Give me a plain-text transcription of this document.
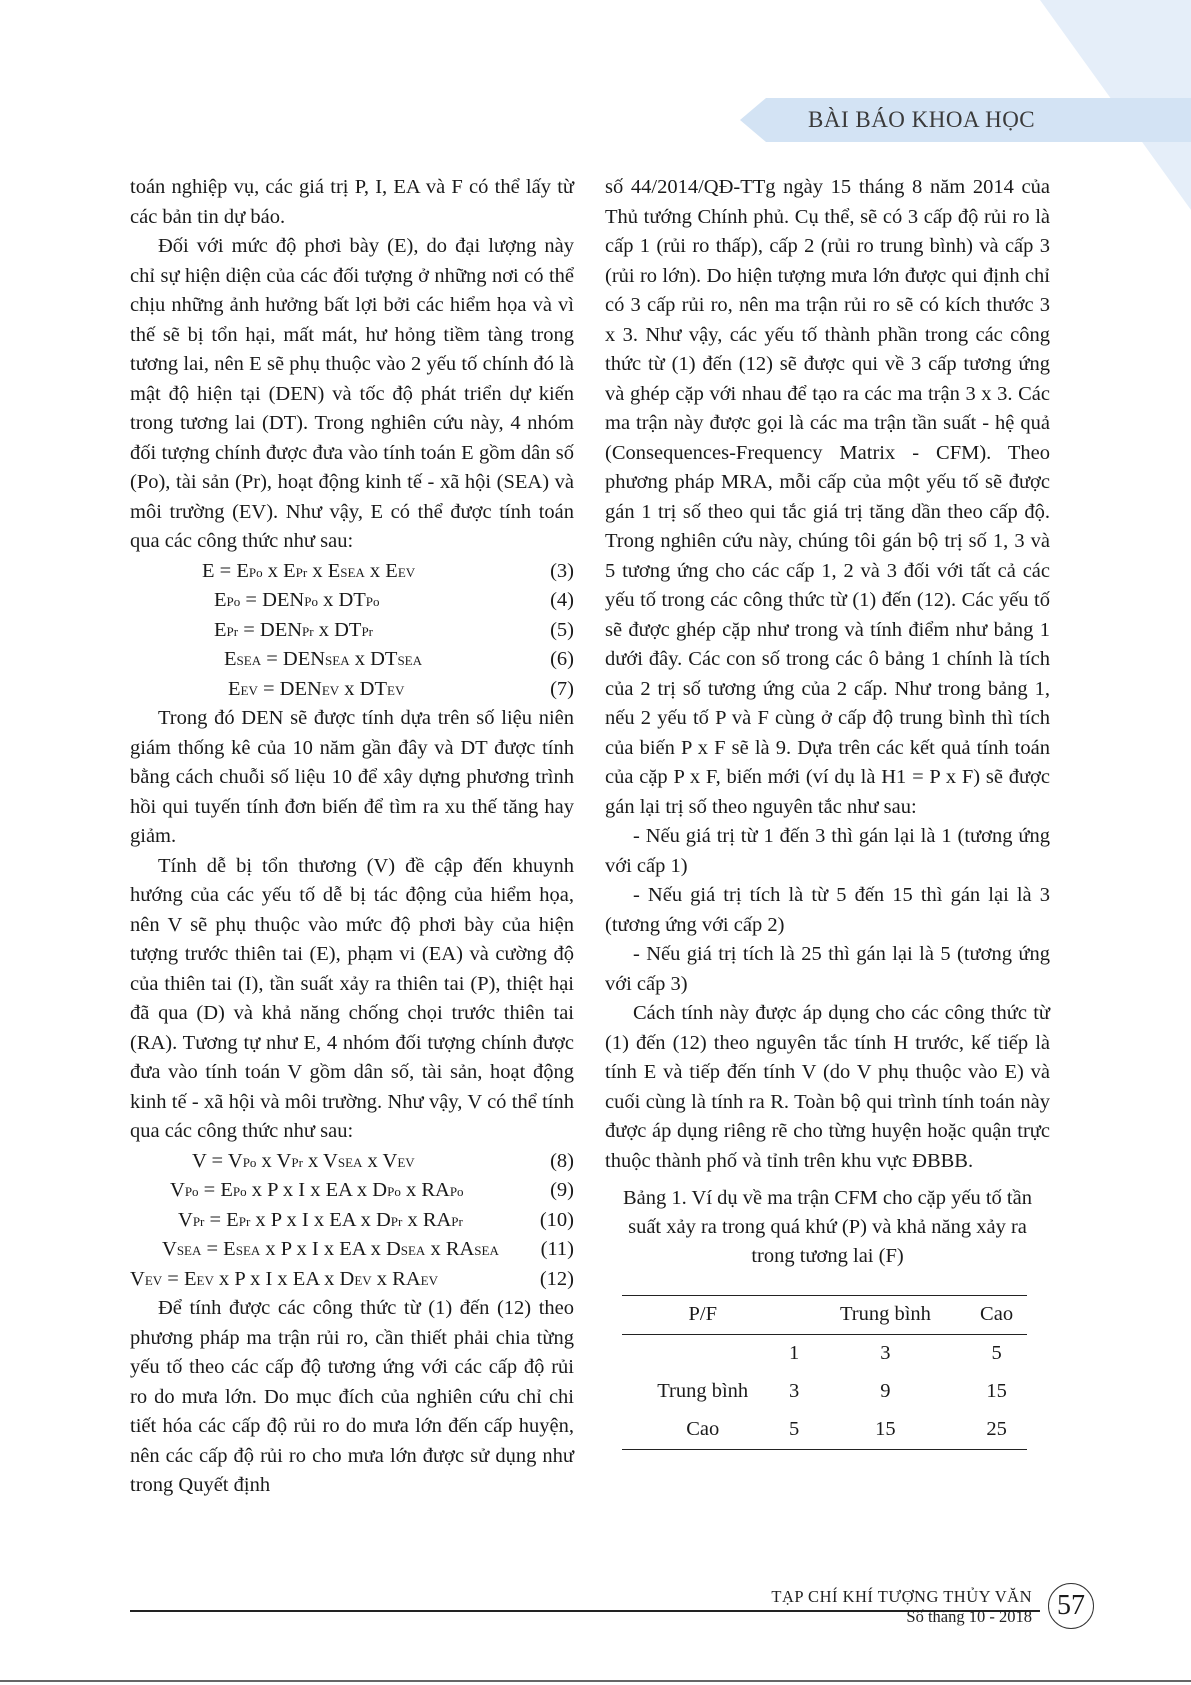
BÀI BÁO KHOA HỌC

toán nghiệp vụ, các giá trị P, I, EA và F có thể lấy từ các bản tin dự báo.

Đối với mức độ phơi bày (E), do đại lượng này chỉ sự hiện diện của các đối tượng ở những nơi có thể chịu những ảnh hưởng bất lợi bởi các hiểm họa và vì thế sẽ bị tổn hại, mất mát, hư hỏng tiềm tàng trong tương lai, nên E sẽ phụ thuộc vào 2 yếu tố chính đó là mật độ hiện tại (DEN) và tốc độ phát triển dự kiến trong tương lai (DT). Trong nghiên cứu này, 4 nhóm đối tượng chính được đưa vào tính toán E gồm dân số (Po), tài sản (Pr), hoạt động kinh tế - xã hội (SEA) và môi trường (EV). Như vậy, E có thể được tính toán qua các công thức như sau:

E = EPo x EPr x ESEA x EEV	(3)
EPo = DENPo x DTPo	(4)
EPr = DENPr x DTPr	(5)
ESEA = DENSEA x DTSEA	(6)
EEV = DENEV x DTEV	(7)

Trong đó DEN sẽ được tính dựa trên số liệu niên giám thống kê của 10 năm gần đây và DT được tính bằng cách chuỗi số liệu 10 để xây dựng phương trình hồi qui tuyến tính đơn biến để tìm ra xu thế tăng hay giảm.

Tính dễ bị tổn thương (V) đề cập đến khuynh hướng của các yếu tố dễ bị tác động của hiểm họa, nên V sẽ phụ thuộc vào mức độ phơi bày của hiện tượng trước thiên tai (E), phạm vi (EA) và cường độ của thiên tai (I), tần suất xảy ra thiên tai (P), thiệt hại đã qua (D) và khả năng chống chọi trước thiên tai (RA). Tương tự như E, 4 nhóm đối tượng chính được đưa vào tính toán V gồm dân số, tài sản, hoạt động kinh tế - xã hội và môi trường. Như vậy, V có thể tính qua các công thức như sau:

V = VPo x VPr x VSEA x VEV	(8)
VPo = EPo x P x I x EA x DPo x RAPo	(9)
VPr = EPr x P x I x EA x DPr x RAPr	(10)
VSEA = ESEA x P x I x EA x DSEA x RASEA	(11)
VEV = EEV x P x I x EA x DEV x RAEV	(12)

Để tính được các công thức từ (1) đến (12) theo phương pháp ma trận rủi ro, cần thiết phải chia từng yếu tố theo các cấp độ tương ứng với các cấp độ rủi ro do mưa lớn. Do mục đích của nghiên cứu chỉ chi tiết hóa các cấp độ rủi ro do mưa lớn đến cấp huyện, nên các cấp độ rủi ro cho mưa lớn được sử dụng như trong Quyết định

số 44/2014/QĐ-TTg ngày 15 tháng 8 năm 2014 của Thủ tướng Chính phủ. Cụ thể, sẽ có 3 cấp độ rủi ro là cấp 1 (rủi ro thấp), cấp 2 (rủi ro trung bình) và cấp 3 (rủi ro lớn). Do hiện tượng mưa lớn được qui định chỉ có 3 cấp rủi ro, nên ma trận rủi ro sẽ có kích thước 3 x 3. Như vậy, các yếu tố thành phần trong các công thức từ (1) đến (12) sẽ được qui về 3 cấp tương ứng và ghép cặp với nhau để tạo ra các ma trận 3 x 3. Các ma trận này được gọi là các ma trận tần suất - hệ quả (Consequences-Frequency Matrix - CFM). Theo phương pháp MRA, mỗi cấp của một yếu tố sẽ được gán 1 trị số theo qui tắc giá trị tăng dần theo cấp độ. Trong nghiên cứu này, chúng tôi gán bộ trị số 1, 3 và 5 tương ứng cho các cấp 1, 2 và 3 đối với tất cả các yếu tố trong các công thức từ (1) đến (12). Các yếu tố sẽ được ghép cặp như trong và tính điểm như bảng 1 dưới đây. Các con số trong các ô bảng 1 chính là tích của 2 trị số tương ứng của 2 cấp. Như trong bảng 1, nếu 2 yếu tố P và F cùng ở cấp độ trung bình thì tích của biến P x F sẽ là 9. Dựa trên các kết quả tính toán của cặp P x F, biến mới (ví dụ là H1 = P x F) sẽ được gán lại trị số theo nguyên tắc như sau:

- Nếu giá trị từ 1 đến 3 thì gán lại là 1 (tương ứng với cấp 1)

- Nếu giá trị tích là từ 5 đến 15 thì gán lại là 3 (tương ứng với cấp 2)

- Nếu giá trị tích là 25 thì gán lại là 5 (tương ứng với cấp 3)

Cách tính này được áp dụng cho các công thức từ (1) đến (12) theo nguyên tắc tính H trước, kế tiếp là tính E và tiếp đến tính V (do V phụ thuộc vào E) và cuối cùng là tính ra R. Toàn bộ qui trình tính toán này được áp dụng riêng rẽ cho từng huyện hoặc quận trực thuộc thành phố và tỉnh trên khu vực ĐBBB.

Bảng 1. Ví dụ về ma trận CFM cho cặp yếu tố tần suất xảy ra trong quá khứ (P) và khả năng xảy ra trong tương lai (F)

P/F		Trung bình	Cao
	1	3	5
Trung bình	3	9	15
Cao	5	15	25
TẠP CHÍ KHÍ TƯỢNG THỦY VĂN
Số tháng 10 - 2018 57
